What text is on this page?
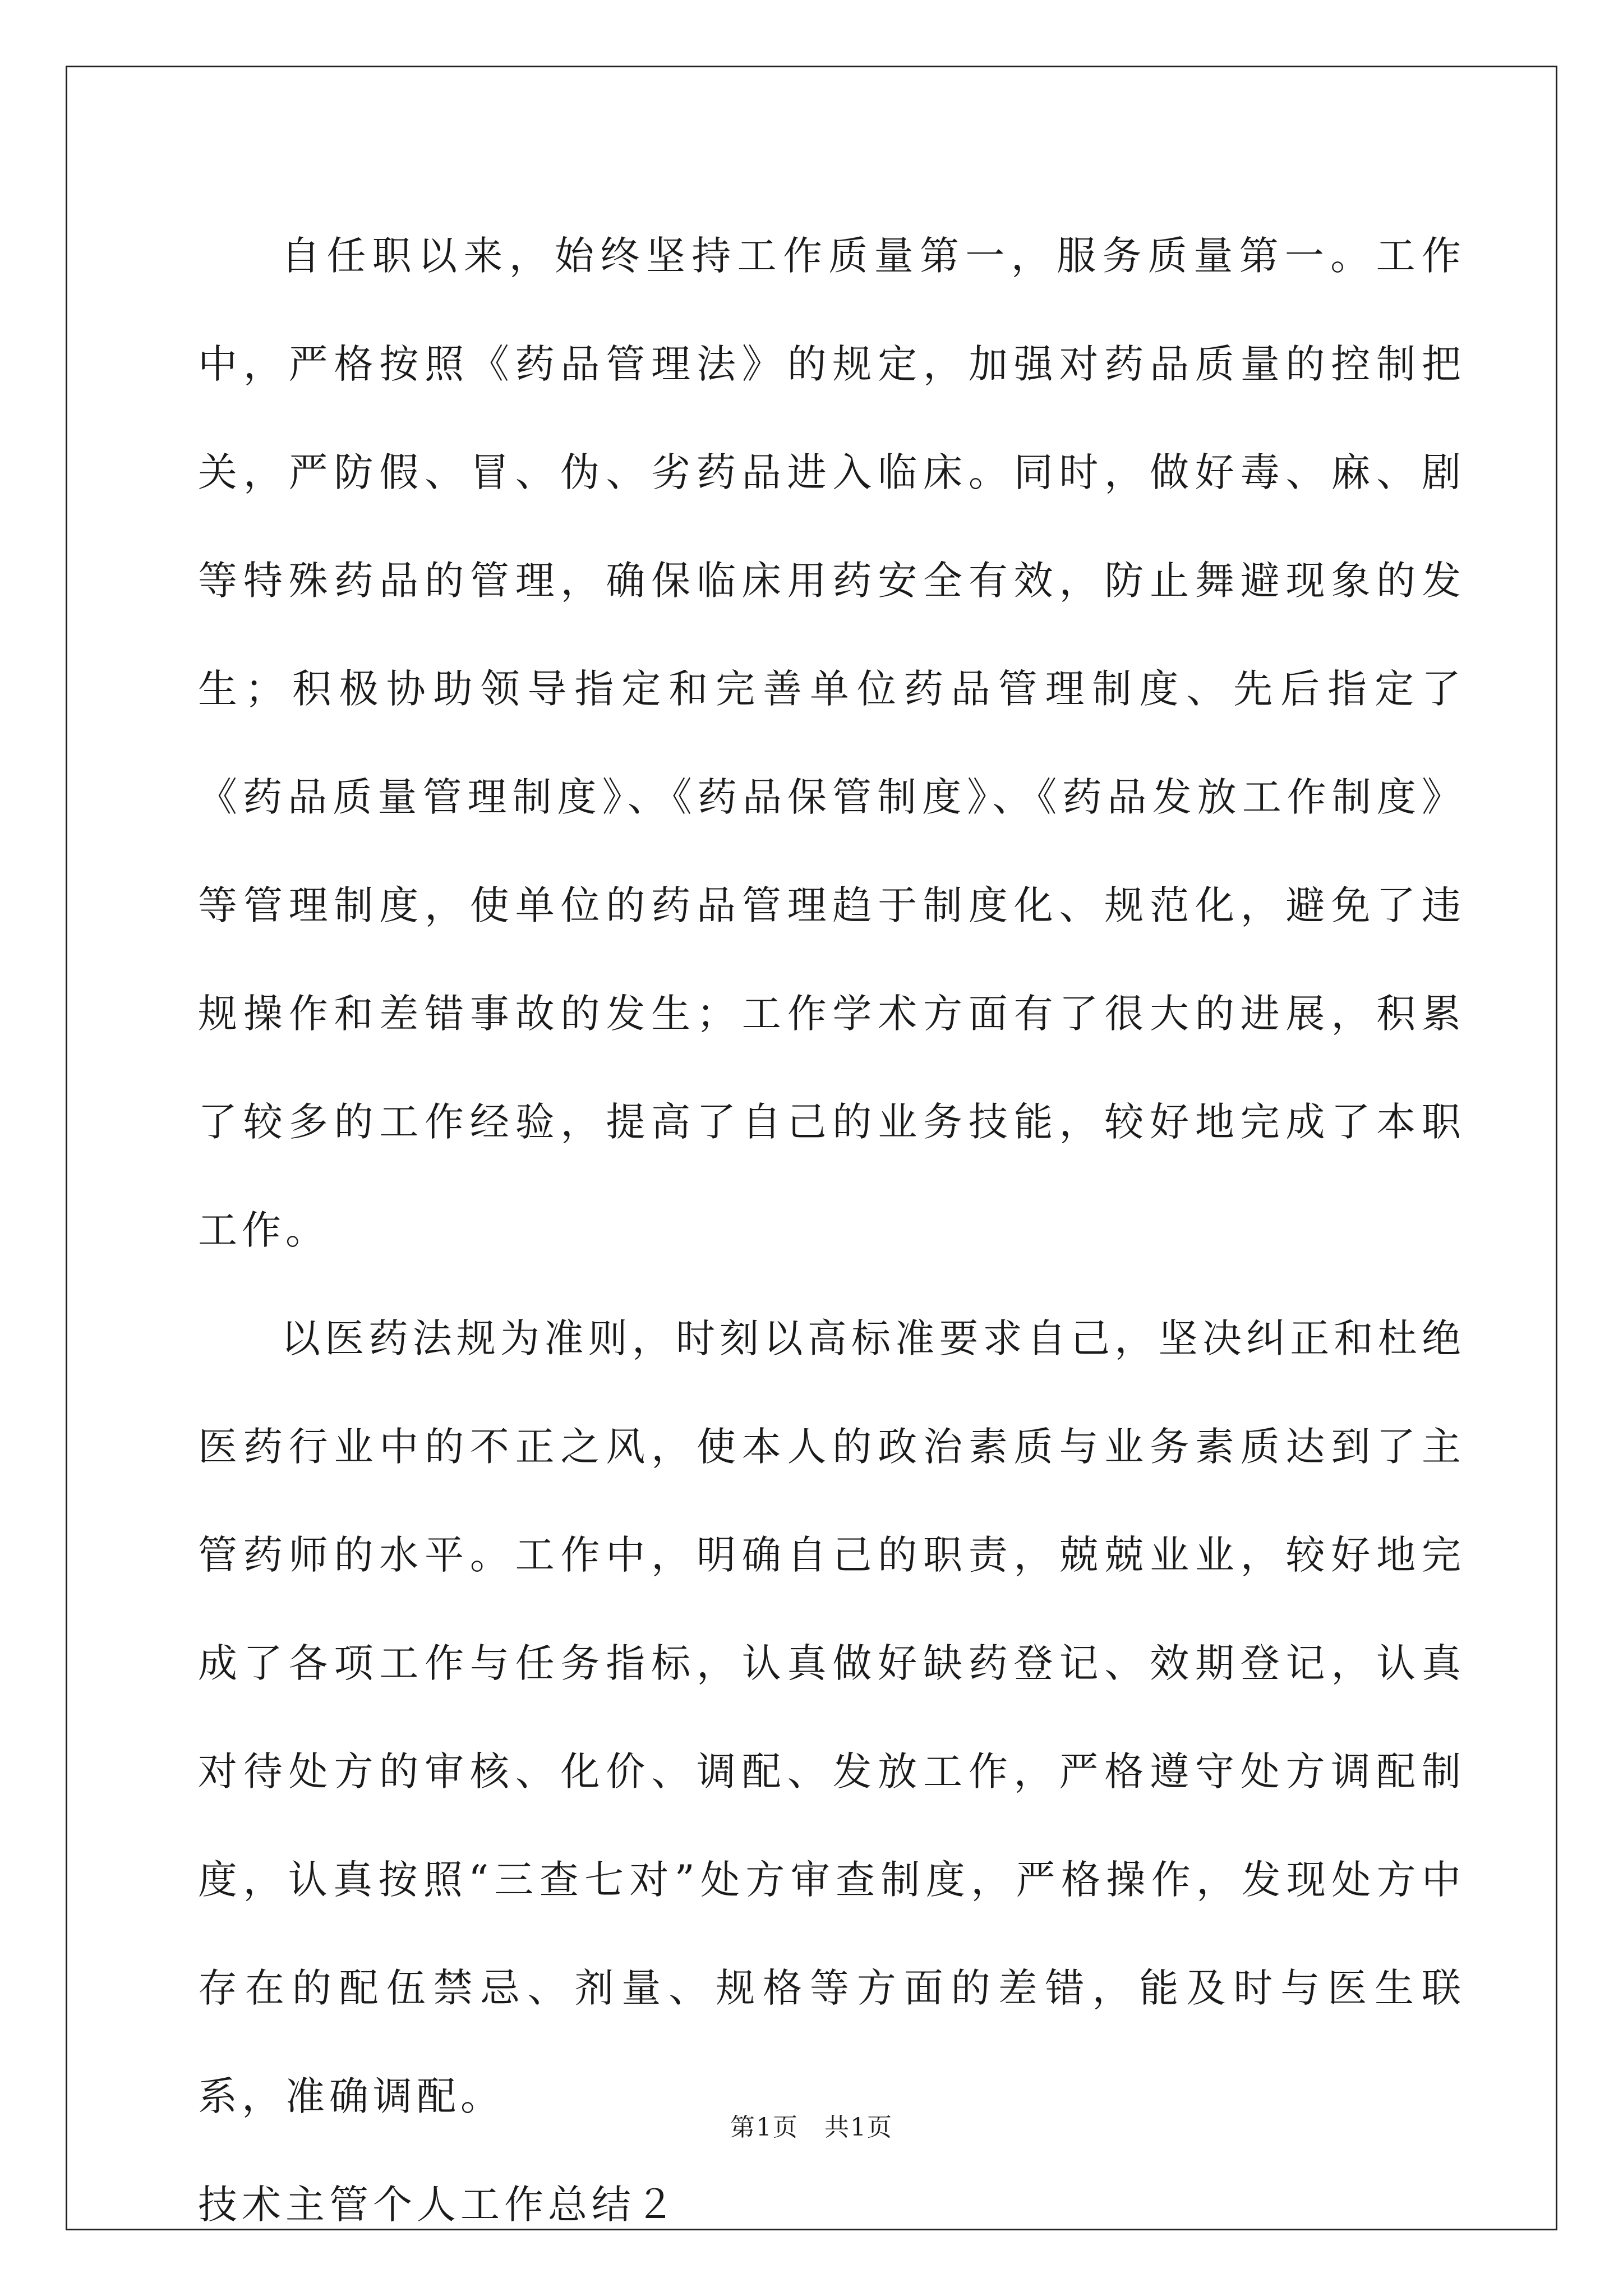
自任职以来，始终坚持工作质量第一，服务质量第一。工作中，严格按照《药品管理法》的规定，加强对药品质量的控制把关，严防假、冒、伪、劣药品进入临床。同时，做好毒、麻、剧等特殊药品的管理，确保临床用药安全有效，防止舞避现象的发生；积极协助领导指定和完善单位药品管理制度、先后指定了《药品质量管理制度》、《药品保管制度》、《药品发放工作制度》等管理制度，使单位的药品管理趋于制度化、规范化，避免了违规操作和差错事故的发生；工作学术方面有了很大的进展，积累了较多的工作经验，提高了自己的业务技能，较好地完成了本职工作。

以医药法规为准则，时刻以高标准要求自己，坚决纠正和杜绝医药行业中的不正之风，使本人的政治素质与业务素质达到了主管药师的水平。工作中，明确自己的职责，兢兢业业，较好地完成了各项工作与任务指标，认真做好缺药登记、效期登记，认真对待处方的审核、化价、调配、发放工作，严格遵守处方调配制度，认真按照“三查七对”处方审查制度，严格操作，发现处方中存在的配伍禁忌、剂量、规格等方面的差错，能及时与医生联系，准确调配。

技术主管个人工作总结２

第1页　共1页
